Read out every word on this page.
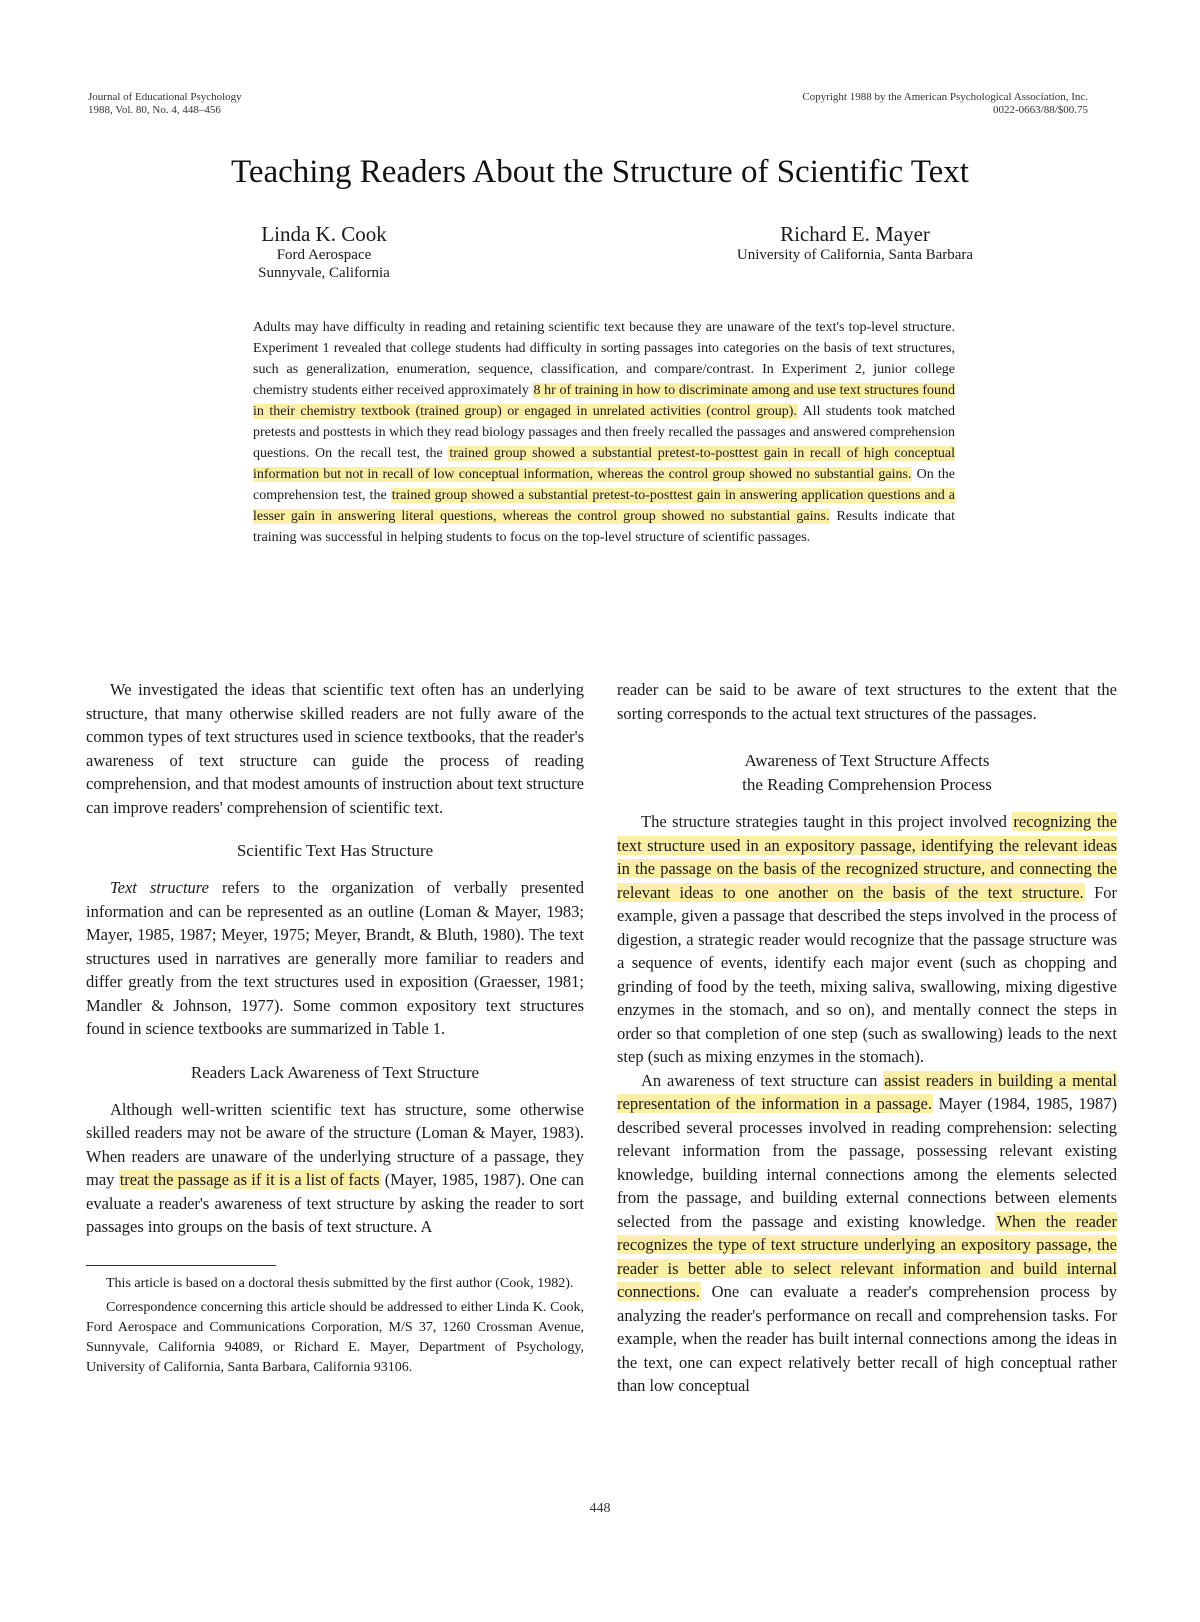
Journal of Educational Psychology
1988, Vol. 80, No. 4, 448–456
Copyright 1988 by the American Psychological Association, Inc.
0022-0663/88/$00.75
Teaching Readers About the Structure of Scientific Text
Linda K. Cook
Ford Aerospace
Sunnyvale, California
Richard E. Mayer
University of California, Santa Barbara

Adults may have difficulty in reading and retaining scientific text because they are unaware of the text's top-level structure. Experiment 1 revealed that college students had difficulty in sorting passages into categories on the basis of text structures, such as generalization, enumeration, sequence, classification, and compare/contrast. In Experiment 2, junior college chemistry students either received approximately 8 hr of training in how to discriminate among and use text structures found in their chemistry textbook (trained group) or engaged in unrelated activities (control group). All students took matched pretests and posttests in which they read biology passages and then freely recalled the passages and answered comprehension questions. On the recall test, the trained group showed a substantial pretest-to-posttest gain in recall of high conceptual information but not in recall of low conceptual information, whereas the control group showed no substantial gains. On the comprehension test, the trained group showed a substantial pretest-to-posttest gain in answering application questions and a lesser gain in answering literal questions, whereas the control group showed no substantial gains. Results indicate that training was successful in helping students to focus on the top-level structure of scientific passages.

We investigated the ideas that scientific text often has an underlying structure, that many otherwise skilled readers are not fully aware of the common types of text structures used in science textbooks, that the reader's awareness of text structure can guide the process of reading comprehension, and that modest amounts of instruction about text structure can improve readers' comprehension of scientific text.

Scientific Text Has Structure

Text structure refers to the organization of verbally presented information and can be represented as an outline (Loman & Mayer, 1983; Mayer, 1985, 1987; Meyer, 1975; Meyer, Brandt, & Bluth, 1980). The text structures used in narratives are generally more familiar to readers and differ greatly from the text structures used in exposition (Graesser, 1981; Mandler & Johnson, 1977). Some common expository text structures found in science textbooks are summarized in Table 1.

Readers Lack Awareness of Text Structure

Although well-written scientific text has structure, some otherwise skilled readers may not be aware of the structure (Loman & Mayer, 1983). When readers are unaware of the underlying structure of a passage, they may treat the passage as if it is a list of facts (Mayer, 1985, 1987). One can evaluate a reader's awareness of text structure by asking the reader to sort passages into groups on the basis of text structure. A

This article is based on a doctoral thesis submitted by the first author (Cook, 1982).

Correspondence concerning this article should be addressed to either Linda K. Cook, Ford Aerospace and Communications Corporation, M/S 37, 1260 Crossman Avenue, Sunnyvale, California 94089, or Richard E. Mayer, Department of Psychology, University of California, Santa Barbara, California 93106.

reader can be said to be aware of text structures to the extent that the sorting corresponds to the actual text structures of the passages.

Awareness of Text Structure Affects
the Reading Comprehension Process

The structure strategies taught in this project involved recognizing the text structure used in an expository passage, identifying the relevant ideas in the passage on the basis of the recognized structure, and connecting the relevant ideas to one another on the basis of the text structure. For example, given a passage that described the steps involved in the process of digestion, a strategic reader would recognize that the passage structure was a sequence of events, identify each major event (such as chopping and grinding of food by the teeth, mixing saliva, swallowing, mixing digestive enzymes in the stomach, and so on), and mentally connect the steps in order so that completion of one step (such as swallowing) leads to the next step (such as mixing enzymes in the stomach).

An awareness of text structure can assist readers in building a mental representation of the information in a passage. Mayer (1984, 1985, 1987) described several processes involved in reading comprehension: selecting relevant information from the passage, possessing relevant existing knowledge, building internal connections among the elements selected from the passage, and building external connections between elements selected from the passage and existing knowledge. When the reader recognizes the type of text structure underlying an expository passage, the reader is better able to select relevant information and build internal connections. One can evaluate a reader's comprehension process by analyzing the reader's performance on recall and comprehension tasks. For example, when the reader has built internal connections among the ideas in the text, one can expect relatively better recall of high conceptual rather than low conceptual

448
